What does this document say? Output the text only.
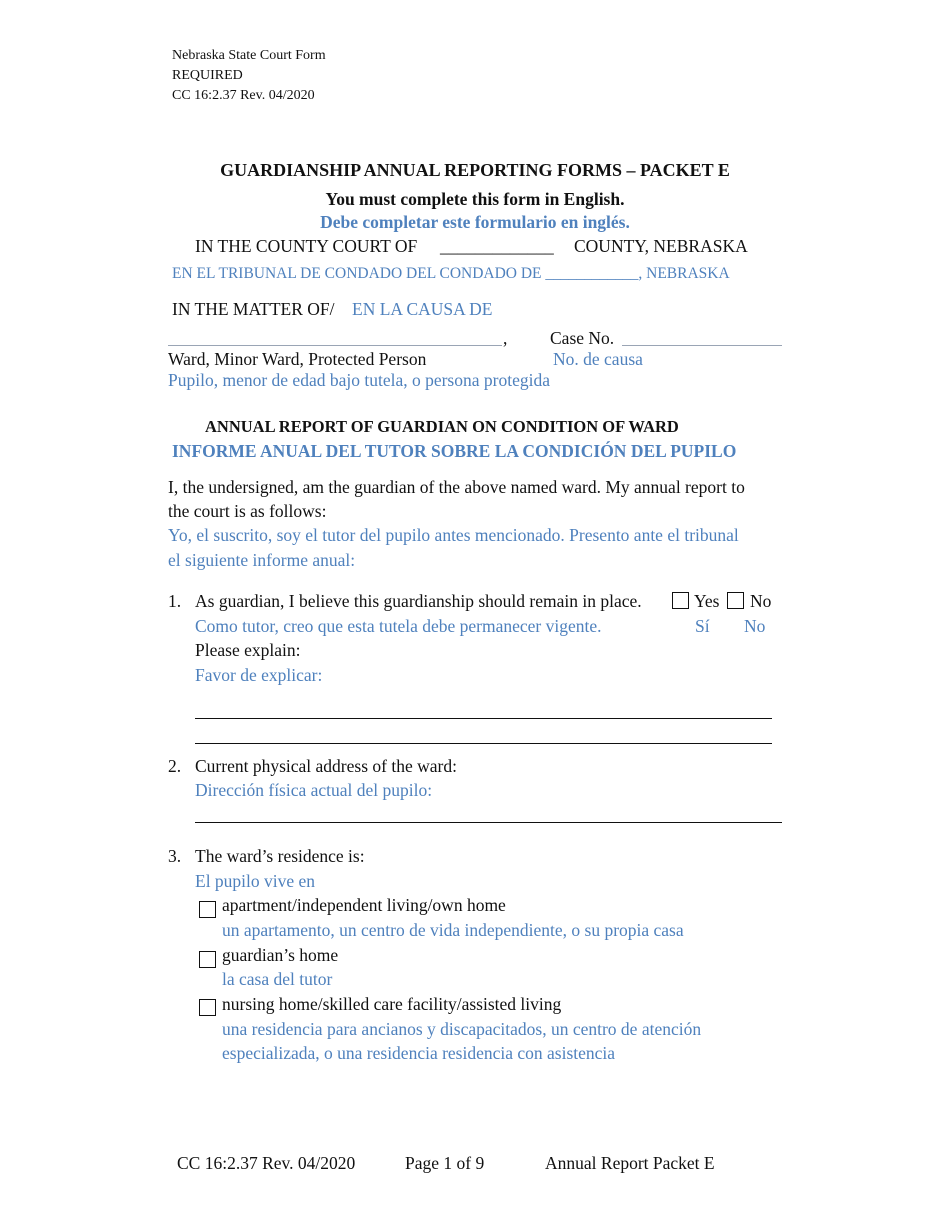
Nebraska State Court Form
REQUIRED
CC 16:2.37 Rev. 04/2020
GUARDIANSHIP ANNUAL REPORTING FORMS – PACKET E
You must complete this form in English.
Debe completar este formulario en inglés.
IN THE COUNTY COURT OF _____________ COUNTY, NEBRASKA
EN EL TRIBUNAL DE CONDADO DEL CONDADO DE ____________, NEBRASKA
IN THE MATTER OF/ EN LA CAUSA DE
, Case No.
Ward, Minor Ward, Protected Person	No. de causa
Pupilo, menor de edad bajo tutela, o persona protegida
ANNUAL REPORT OF GUARDIAN ON CONDITION OF WARD
INFORME ANUAL DEL TUTOR SOBRE LA CONDICIÓN DEL PUPILO
I, the undersigned, am the guardian of the above named ward. My annual report to
the court is as follows:
Yo, el suscrito, soy el tutor del pupilo antes mencionado. Presento ante el tribunal
el siguiente informe anual:
1. As guardian, I believe this guardianship should remain in place.	Yes No
Como tutor, creo que esta tutela debe permanecer vigente.	Sí No
Please explain:
Favor de explicar:
2. Current physical address of the ward:
Dirección física actual del pupilo:
3. The ward’s residence is:
El pupilo vive en
apartment/independent living/own home
un apartamento, un centro de vida independiente, o su propia casa
guardian’s home
la casa del tutor
nursing home/skilled care facility/assisted living
una residencia para ancianos y discapacitados, un centro de atención
especializada, o una residencia residencia con asistencia
CC 16:2.37 Rev. 04/2020	Page 1 of 9	Annual Report Packet E
